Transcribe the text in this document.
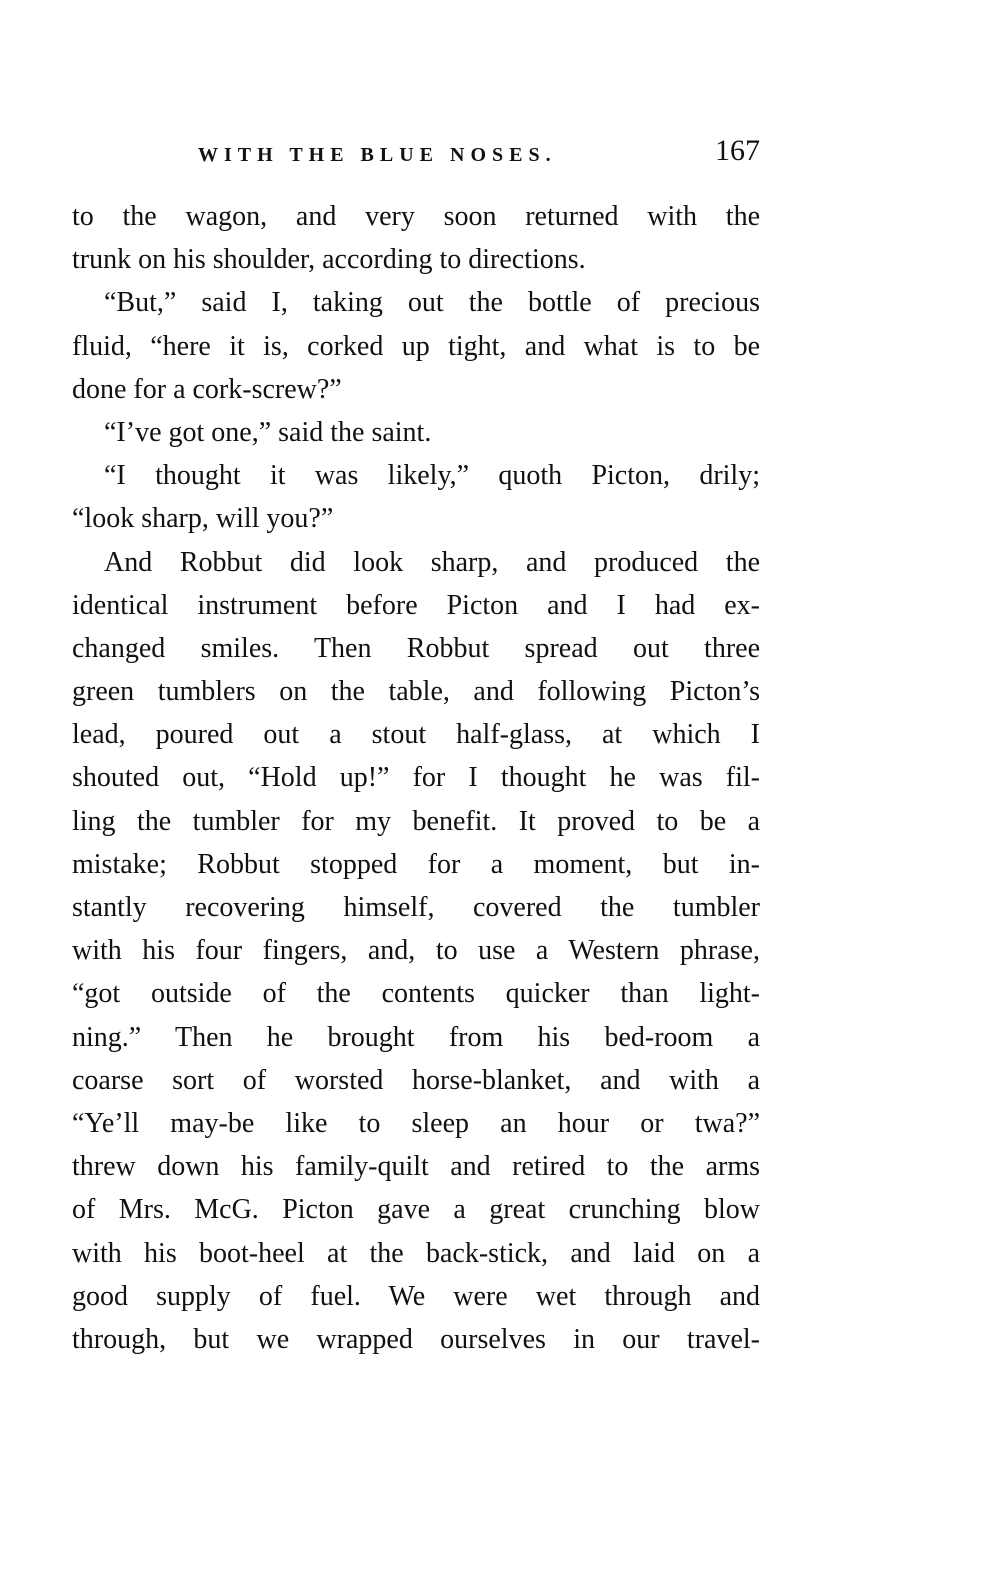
WITH THE BLUE NOSES.	167
to the wagon, and very soon returned with the
trunk on his shoulder, according to directions.
“But,” said I, taking out the bottle of precious
fluid, “here it is, corked up tight, and what is to be
done for a cork-screw?”
“I’ve got one,” said the saint.
“I thought it was likely,” quoth Picton, drily;
“look sharp, will you?”
And Robbut did look sharp, and produced the
identical instrument before Picton and I had ex-
changed smiles. Then Robbut spread out three
green tumblers on the table, and following Picton’s
lead, poured out a stout half-glass, at which I
shouted out, “Hold up!” for I thought he was fil-
ling the tumbler for my benefit. It proved to be a
mistake; Robbut stopped for a moment, but in-
stantly recovering himself, covered the tumbler
with his four fingers, and, to use a Western phrase,
“got outside of the contents quicker than light-
ning.” Then he brought from his bed-room a
coarse sort of worsted horse-blanket, and with a
“Ye’ll may-be like to sleep an hour or twa?”
threw down his family-quilt and retired to the arms
of Mrs. McG. Picton gave a great crunching blow
with his boot-heel at the back-stick, and laid on a
good supply of fuel. We were wet through and
through, but we wrapped ourselves in our travel-
